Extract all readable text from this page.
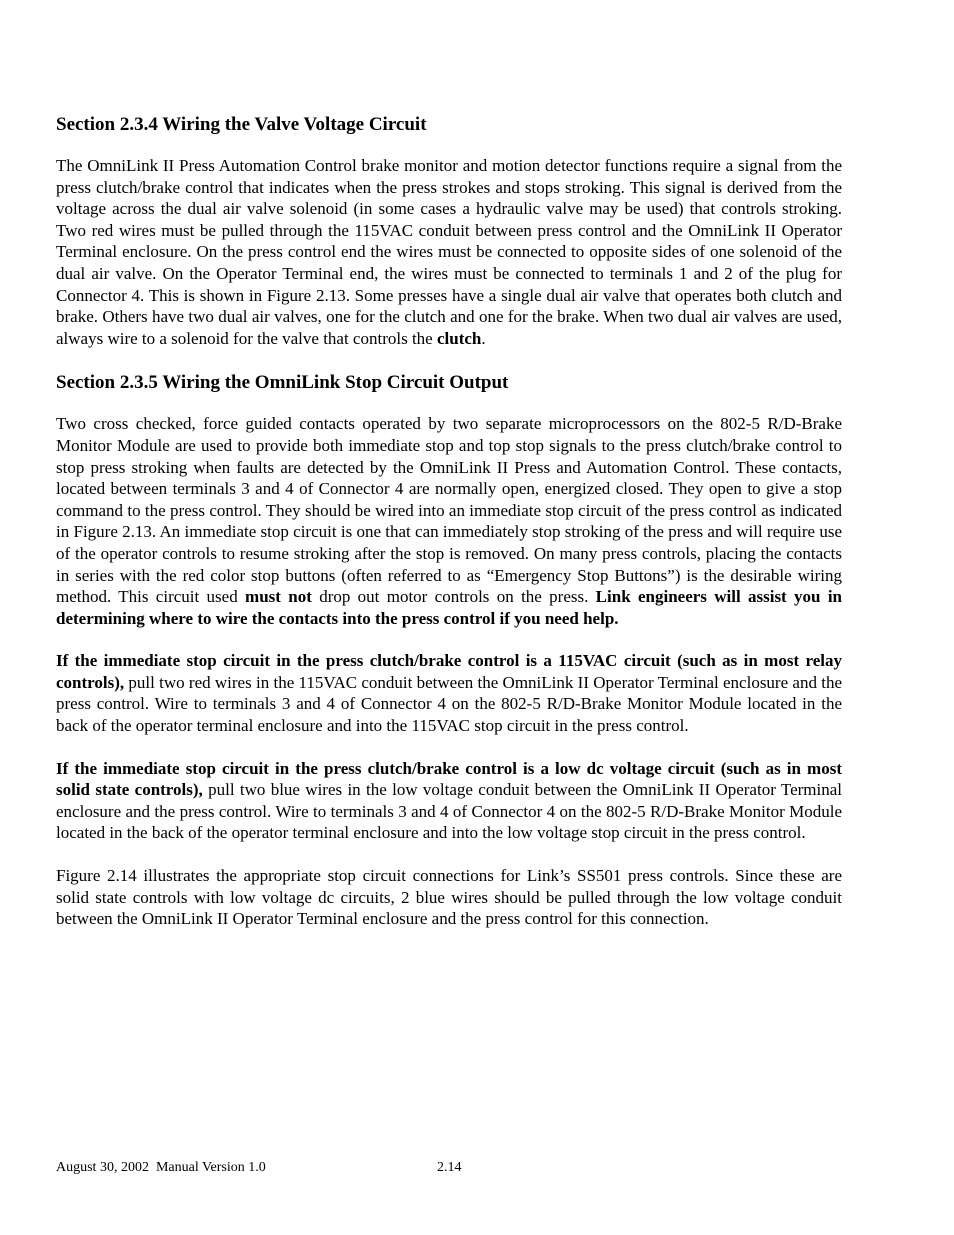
Section 2.3.4 Wiring the Valve Voltage Circuit

The OmniLink II Press Automation Control brake monitor and motion detector functions require a signal from the press clutch/brake control that indicates when the press strokes and stops stroking. This signal is derived from the voltage across the dual air valve solenoid (in some cases a hydraulic valve may be used) that controls stroking. Two red wires must be pulled through the 115VAC conduit between press control and the OmniLink II Operator Terminal enclosure. On the press control end the wires must be connected to opposite sides of one solenoid of the dual air valve. On the Operator Terminal end, the wires must be connected to terminals 1 and 2 of the plug for Connector 4. This is shown in Figure 2.13. Some presses have a single dual air valve that operates both clutch and brake. Others have two dual air valves, one for the clutch and one for the brake. When two dual air valves are used, always wire to a solenoid for the valve that controls the clutch.

Section 2.3.5 Wiring the OmniLink Stop Circuit Output

Two cross checked, force guided contacts operated by two separate microprocessors on the 802-5 R/D-Brake Monitor Module are used to provide both immediate stop and top stop signals to the press clutch/brake control to stop press stroking when faults are detected by the OmniLink II Press and Automation Control. These contacts, located between terminals 3 and 4 of Connector 4 are normally open, energized closed. They open to give a stop command to the press control. They should be wired into an immediate stop circuit of the press control as indicated in Figure 2.13. An immediate stop circuit is one that can immediately stop stroking of the press and will require use of the operator controls to resume stroking after the stop is removed. On many press controls, placing the contacts in series with the red color stop buttons (often referred to as “Emergency Stop Buttons”) is the desirable wiring method. This circuit used must not drop out motor controls on the press. Link engineers will assist you in determining where to wire the contacts into the press control if you need help.

If the immediate stop circuit in the press clutch/brake control is a 115VAC circuit (such as in most relay controls), pull two red wires in the 115VAC conduit between the OmniLink II Operator Terminal enclosure and the press control. Wire to terminals 3 and 4 of Connector 4 on the 802-5 R/D-Brake Monitor Module located in the back of the operator terminal enclosure and into the 115VAC stop circuit in the press control.

If the immediate stop circuit in the press clutch/brake control is a low dc voltage circuit (such as in most solid state controls), pull two blue wires in the low voltage conduit between the OmniLink II Operator Terminal enclosure and the press control. Wire to terminals 3 and 4 of Connector 4 on the 802-5 R/D-Brake Monitor Module located in the back of the operator terminal enclosure and into the low voltage stop circuit in the press control.

Figure 2.14 illustrates the appropriate stop circuit connections for Link’s SS501 press controls. Since these are solid state controls with low voltage dc circuits, 2 blue wires should be pulled through the low voltage conduit between the OmniLink II Operator Terminal enclosure and the press control for this connection.

August 30, 2002  Manual Version 1.0	2.14
